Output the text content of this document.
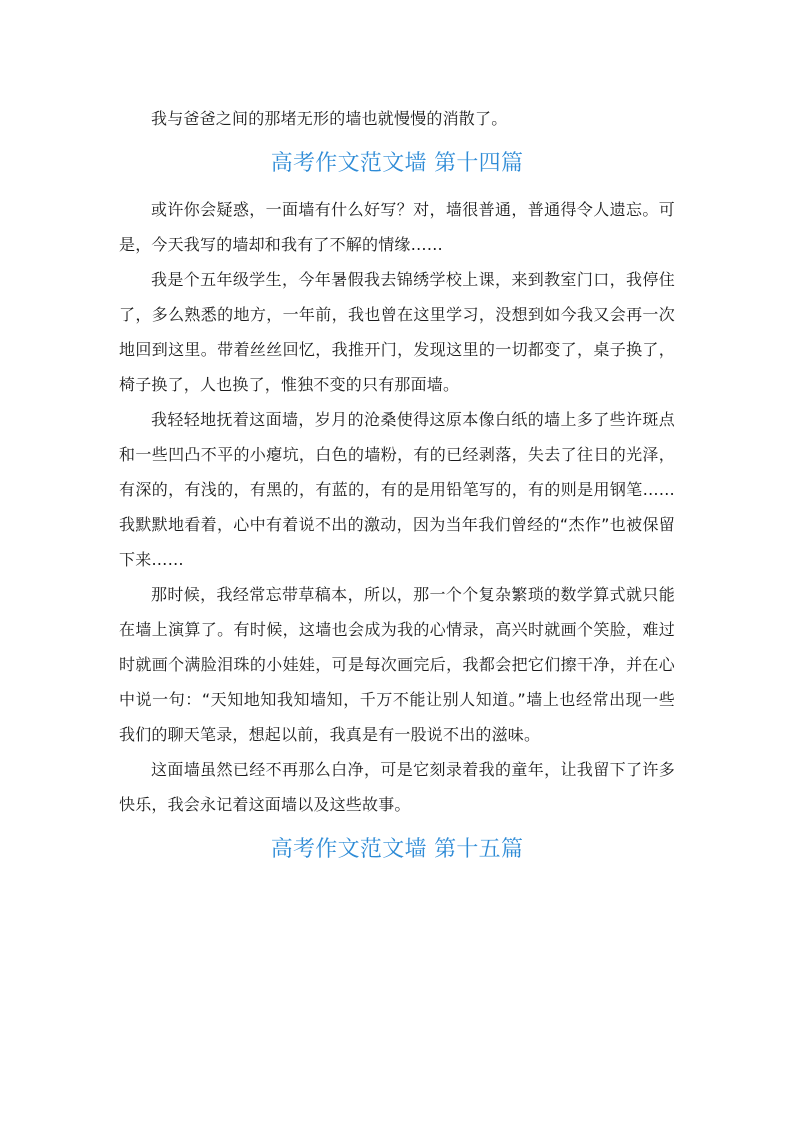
我与爸爸之间的那堵无形的墙也就慢慢的消散了。

高考作文范文墙 第十四篇

或许你会疑惑，一面墙有什么好写？对，墙很普通，普通得令人遗忘。可是，今天我写的墙却和我有了不解的情缘……

我是个五年级学生，今年暑假我去锦绣学校上课，来到教室门口，我停住了，多么熟悉的地方，一年前，我也曾在这里学习，没想到如今我又会再一次地回到这里。带着丝丝回忆，我推开门，发现这里的一切都变了，桌子换了，椅子换了，人也换了，惟独不变的只有那面墙。

我轻轻地抚着这面墙，岁月的沧桑使得这原本像白纸的墙上多了些许斑点和一些凹凸不平的小瘪坑，白色的墙粉，有的已经剥落，失去了往日的光泽，有深的，有浅的，有黑的，有蓝的，有的是用铅笔写的，有的则是用钢笔……我默默地看着，心中有着说不出的激动，因为当年我们曾经的“杰作”也被保留下来……

那时候，我经常忘带草稿本，所以，那一个个复杂繁琐的数学算式就只能在墙上演算了。有时候，这墙也会成为我的心情录，高兴时就画个笑脸，难过时就画个满脸泪珠的小娃娃，可是每次画完后，我都会把它们擦干净，并在心中说一句：“天知地知我知墙知，千万不能让别人知道。”墙上也经常出现一些我们的聊天笔录，想起以前，我真是有一股说不出的滋味。

这面墙虽然已经不再那么白净，可是它刻录着我的童年，让我留下了许多快乐，我会永记着这面墙以及这些故事。

高考作文范文墙 第十五篇
